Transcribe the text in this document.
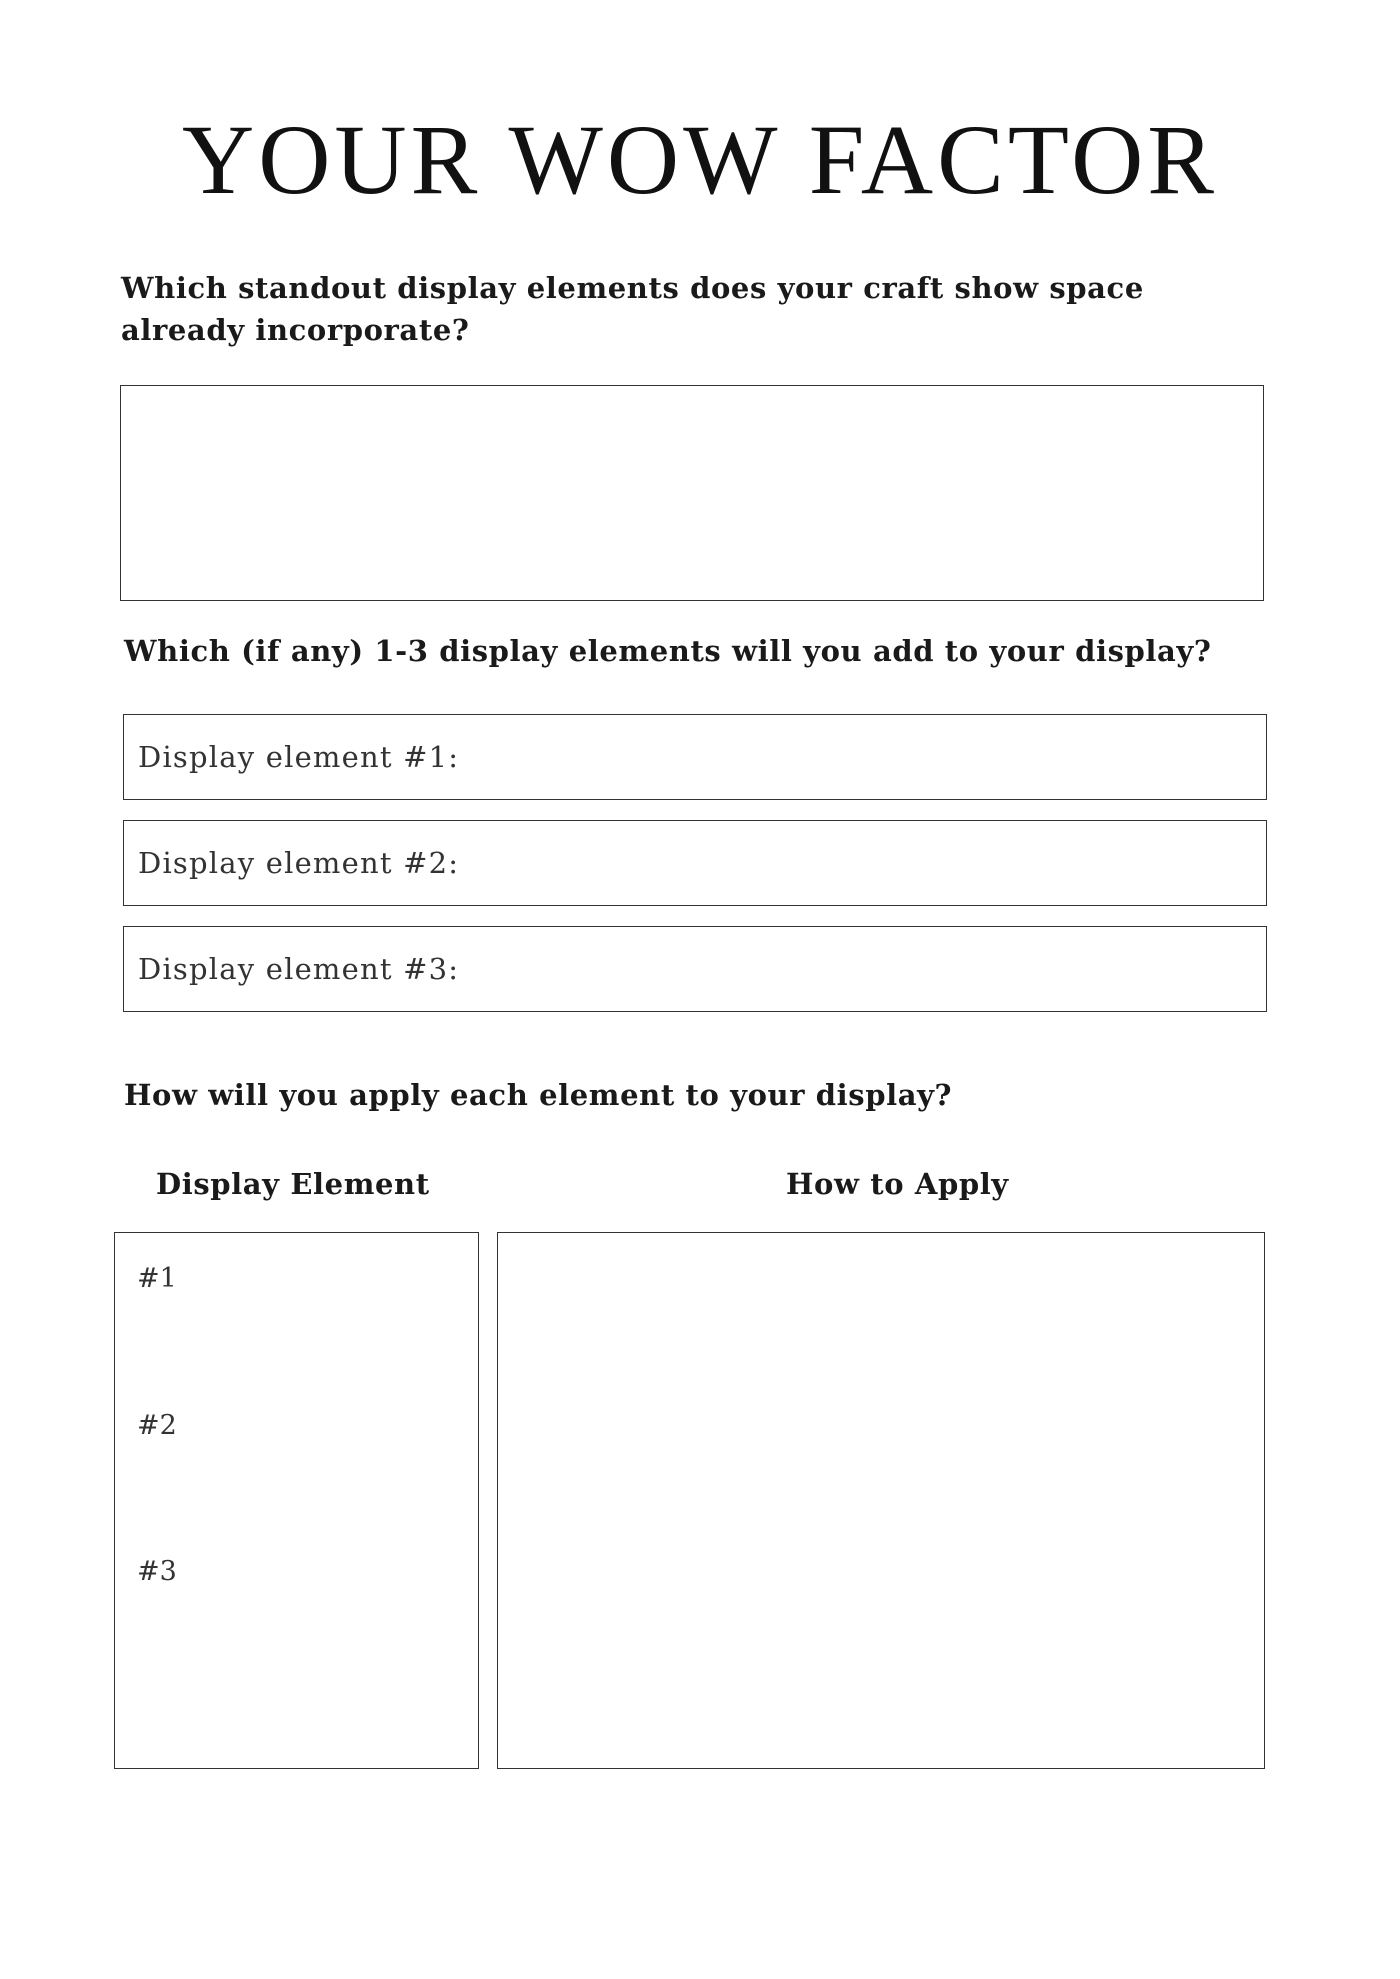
YOUR WOW FACTOR
Which standout display elements does your craft show space
already incorporate?
Which (if any) 1-3 display elements will you add to your display?
Display element #1:
Display element #2:
Display element #3:
How will you apply each element to your display?
Display Element	How to Apply
#1
#2
#3
